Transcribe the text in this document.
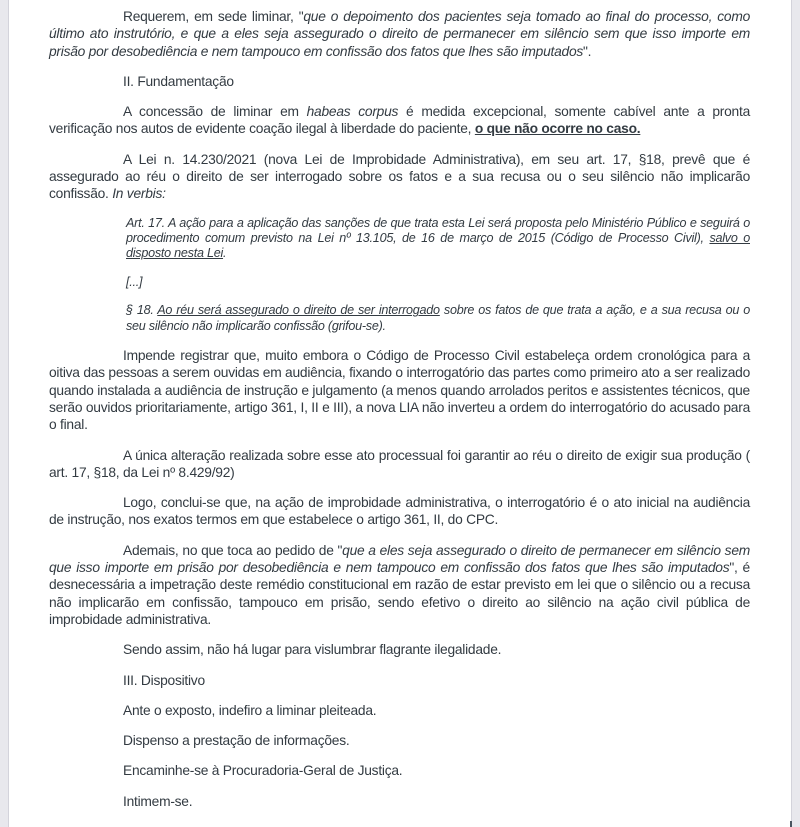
Requerem, em sede liminar, "que o depoimento dos pacientes seja tomado ao final do processo, como último ato instrutório, e que a eles seja assegurado o direito de permanecer em silêncio sem que isso importe em prisão por desobediência e nem tampouco em confissão dos fatos que lhes são imputados".

II. Fundamentação

A concessão de liminar em habeas corpus é medida excepcional, somente cabível ante a pronta verificação nos autos de evidente coação ilegal à liberdade do paciente, o que não ocorre no caso.

A Lei n. 14.230/2021 (nova Lei de Improbidade Administrativa), em seu art. 17, §18, prevê que é assegurado ao réu o direito de ser interrogado sobre os fatos e a sua recusa ou o seu silêncio não implicarão confissão. In verbis:

Art. 17. A ação para a aplicação das sanções de que trata esta Lei será proposta pelo Ministério Público e seguirá o procedimento comum previsto na Lei nº 13.105, de 16 de março de 2015 (Código de Processo Civil), salvo o disposto nesta Lei.

[...]

§ 18. Ao réu será assegurado o direito de ser interrogado sobre os fatos de que trata a ação, e a sua recusa ou o seu silêncio não implicarão confissão (grifou-se).

Impende registrar que, muito embora o Código de Processo Civil estabeleça ordem cronológica para a oitiva das pessoas a serem ouvidas em audiência, fixando o interrogatório das partes como primeiro ato a ser realizado quando instalada a audiência de instrução e julgamento (a menos quando arrolados peritos e assistentes técnicos, que serão ouvidos prioritariamente, artigo 361, I, II e III), a nova LIA não inverteu a ordem do interrogatório do acusado para o final.

A única alteração realizada sobre esse ato processual foi garantir ao réu o direito de exigir sua produção ( art. 17, §18, da Lei nº 8.429/92)

Logo, conclui-se que, na ação de improbidade administrativa, o interrogatório é o ato inicial na audiência de instrução, nos exatos termos em que estabelece o artigo 361, II, do CPC.

Ademais, no que toca ao pedido de "que a eles seja assegurado o direito de permanecer em silêncio sem que isso importe em prisão por desobediência e nem tampouco em confissão dos fatos que lhes são imputados", é desnecessária a impetração deste remédio constitucional em razão de estar previsto em lei que o silêncio ou a recusa não implicarão em confissão, tampouco em prisão, sendo efetivo o direito ao silêncio na ação civil pública de improbidade administrativa.

Sendo assim, não há lugar para vislumbrar flagrante ilegalidade.

III. Dispositivo

Ante o exposto, indefiro a liminar pleiteada.

Dispenso a prestação de informações.

Encaminhe-se à Procuradoria-Geral de Justiça.

Intimem-se.
